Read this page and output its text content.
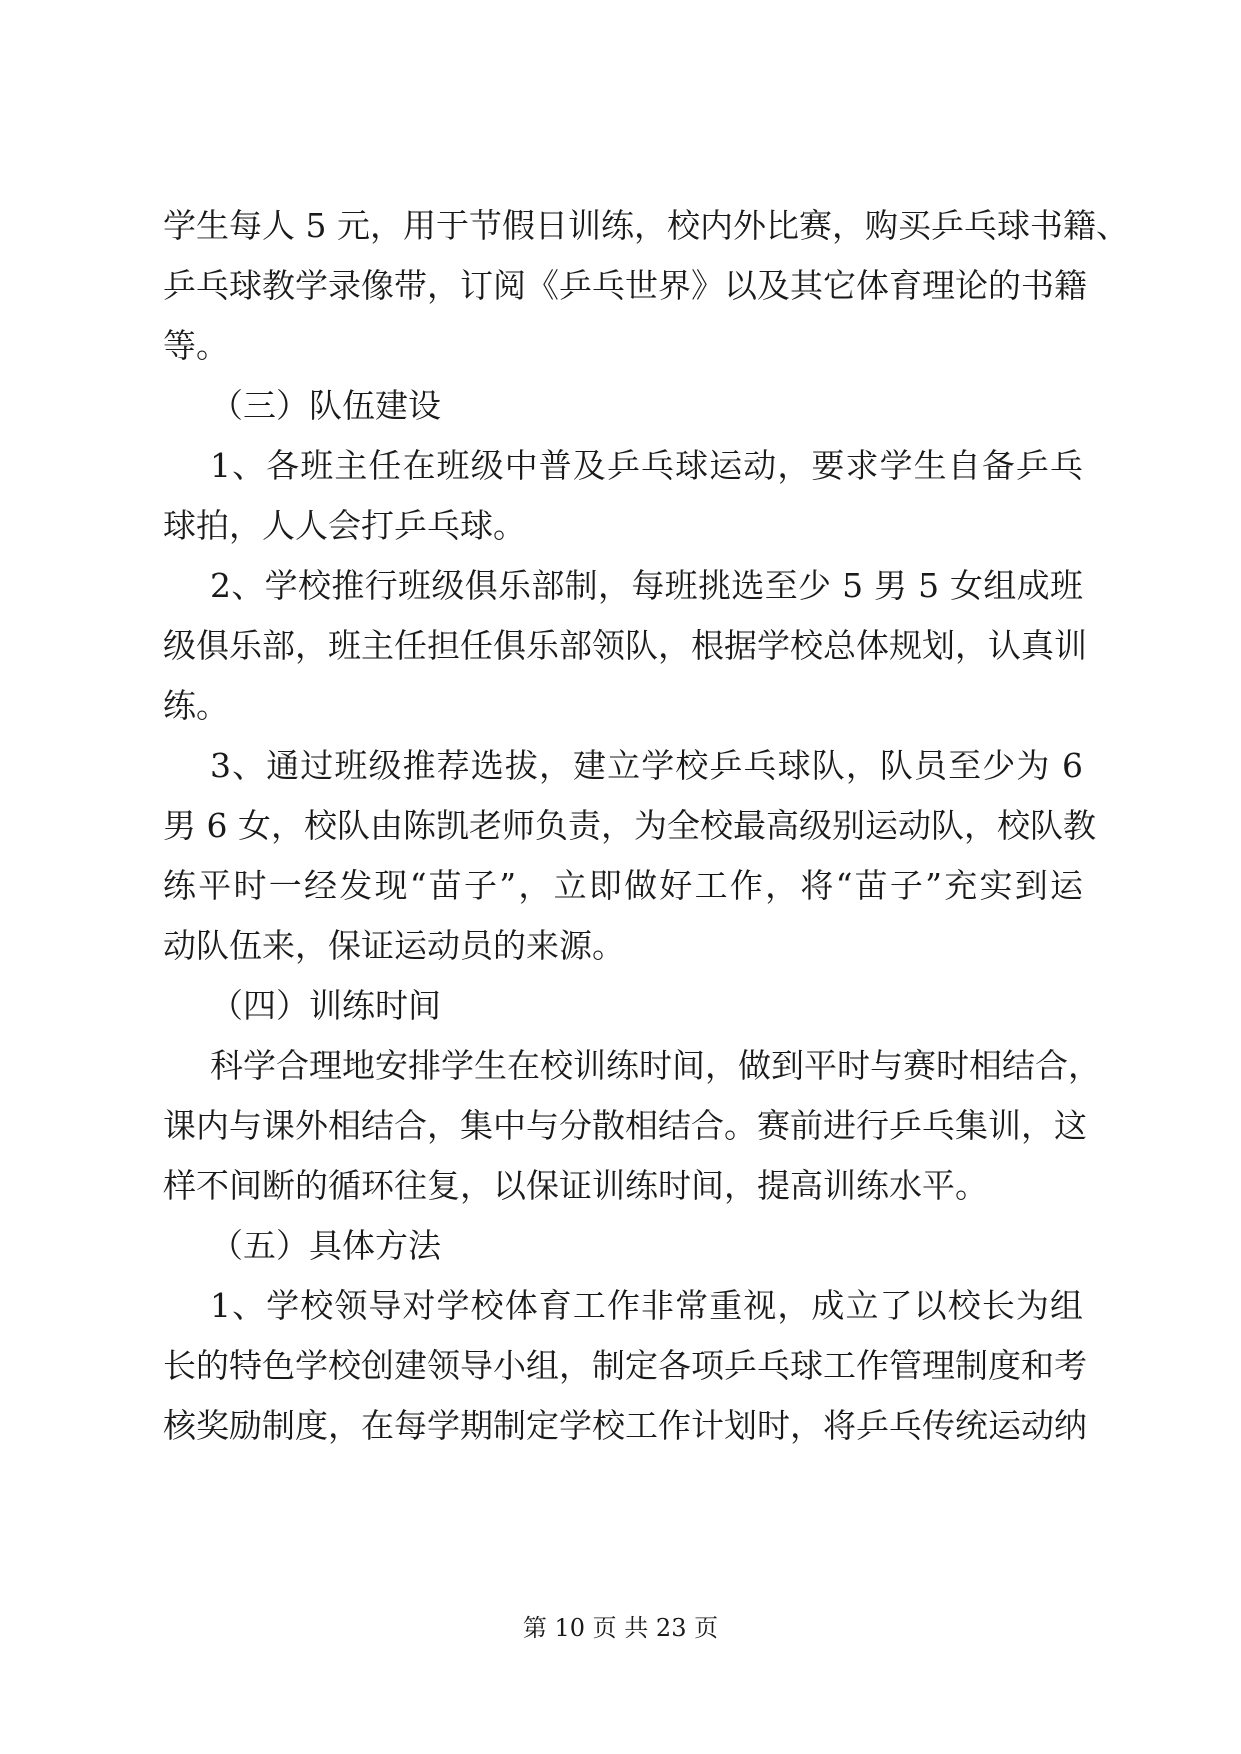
学生每人 5 元，用于节假日训练，校内外比赛，购买乒乓球书籍、
乒乓球教学录像带，订阅《乒乓世界》以及其它体育理论的书籍
等。
（三）队伍建设
1、各班主任在班级中普及乒乓球运动，要求学生自备乒乓
球拍，人人会打乒乓球。
2、学校推行班级俱乐部制，每班挑选至少 5 男 5 女组成班
级俱乐部，班主任担任俱乐部领队，根据学校总体规划，认真训
练。
3、通过班级推荐选拔，建立学校乒乓球队，队员至少为 6
男 6 女，校队由陈凯老师负责，为全校最高级别运动队，校队教
练平时一经发现“苗子”，立即做好工作，将“苗子”充实到运
动队伍来，保证运动员的来源。
（四）训练时间
科学合理地安排学生在校训练时间，做到平时与赛时相结合，
课内与课外相结合，集中与分散相结合。赛前进行乒乓集训，这
样不间断的循环往复，以保证训练时间，提高训练水平。
（五）具体方法
1、学校领导对学校体育工作非常重视，成立了以校长为组
长的特色学校创建领导小组，制定各项乒乓球工作管理制度和考
核奖励制度，在每学期制定学校工作计划时，将乒乓传统运动纳
第 10 页 共 23 页
